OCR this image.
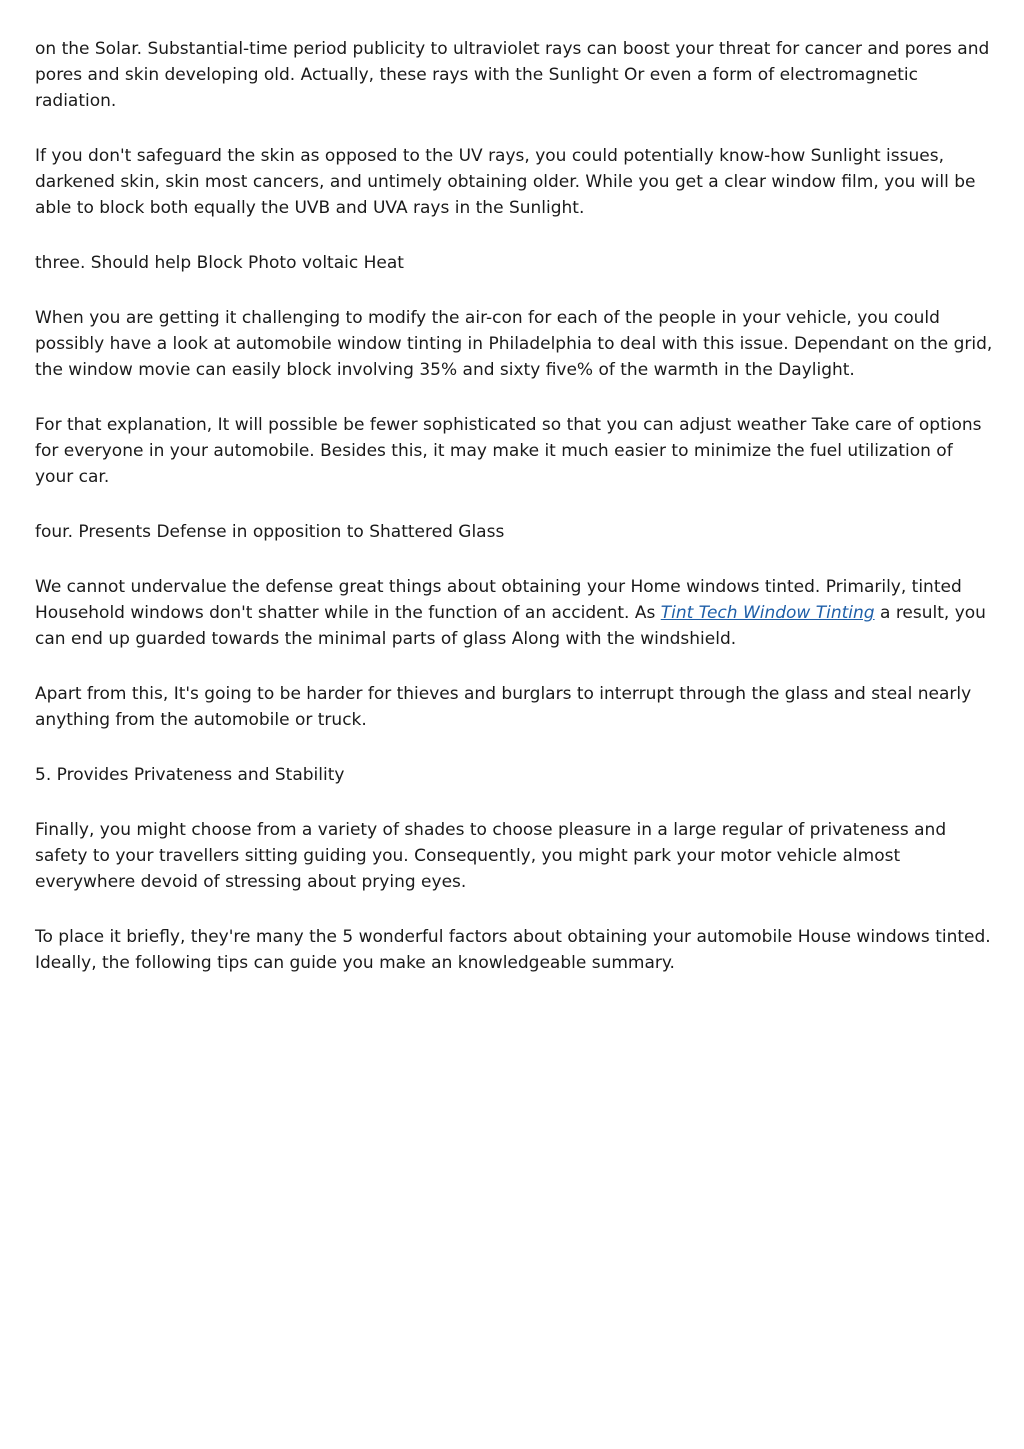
on the Solar. Substantial-time period publicity to ultraviolet rays can boost your threat for cancer and pores and pores and skin developing old. Actually, these rays with the Sunlight Or even a form of electromagnetic radiation.

If you don't safeguard the skin as opposed to the UV rays, you could potentially know-how Sunlight issues, darkened skin, skin most cancers, and untimely obtaining older. While you get a clear window film, you will be able to block both equally the UVB and UVA rays in the Sunlight.

three. Should help Block Photo voltaic Heat

When you are getting it challenging to modify the air-con for each of the people in your vehicle, you could possibly have a look at automobile window tinting in Philadelphia to deal with this issue. Dependant on the grid, the window movie can easily block involving 35% and sixty five% of the warmth in the Daylight.

For that explanation, It will possible be fewer sophisticated so that you can adjust weather Take care of options for everyone in your automobile. Besides this, it may make it much easier to minimize the fuel utilization of your car.

four. Presents Defense in opposition to Shattered Glass

We cannot undervalue the defense great things about obtaining your Home windows tinted. Primarily, tinted Household windows don't shatter while in the function of an accident. As Tint Tech Window Tinting a result, you can end up guarded towards the minimal parts of glass Along with the windshield.

Apart from this, It's going to be harder for thieves and burglars to interrupt through the glass and steal nearly anything from the automobile or truck.

5. Provides Privateness and Stability

Finally, you might choose from a variety of shades to choose pleasure in a large regular of privateness and safety to your travellers sitting guiding you. Consequently, you might park your motor vehicle almost everywhere devoid of stressing about prying eyes.

To place it briefly, they're many the 5 wonderful factors about obtaining your automobile House windows tinted. Ideally, the following tips can guide you make an knowledgeable summary.
